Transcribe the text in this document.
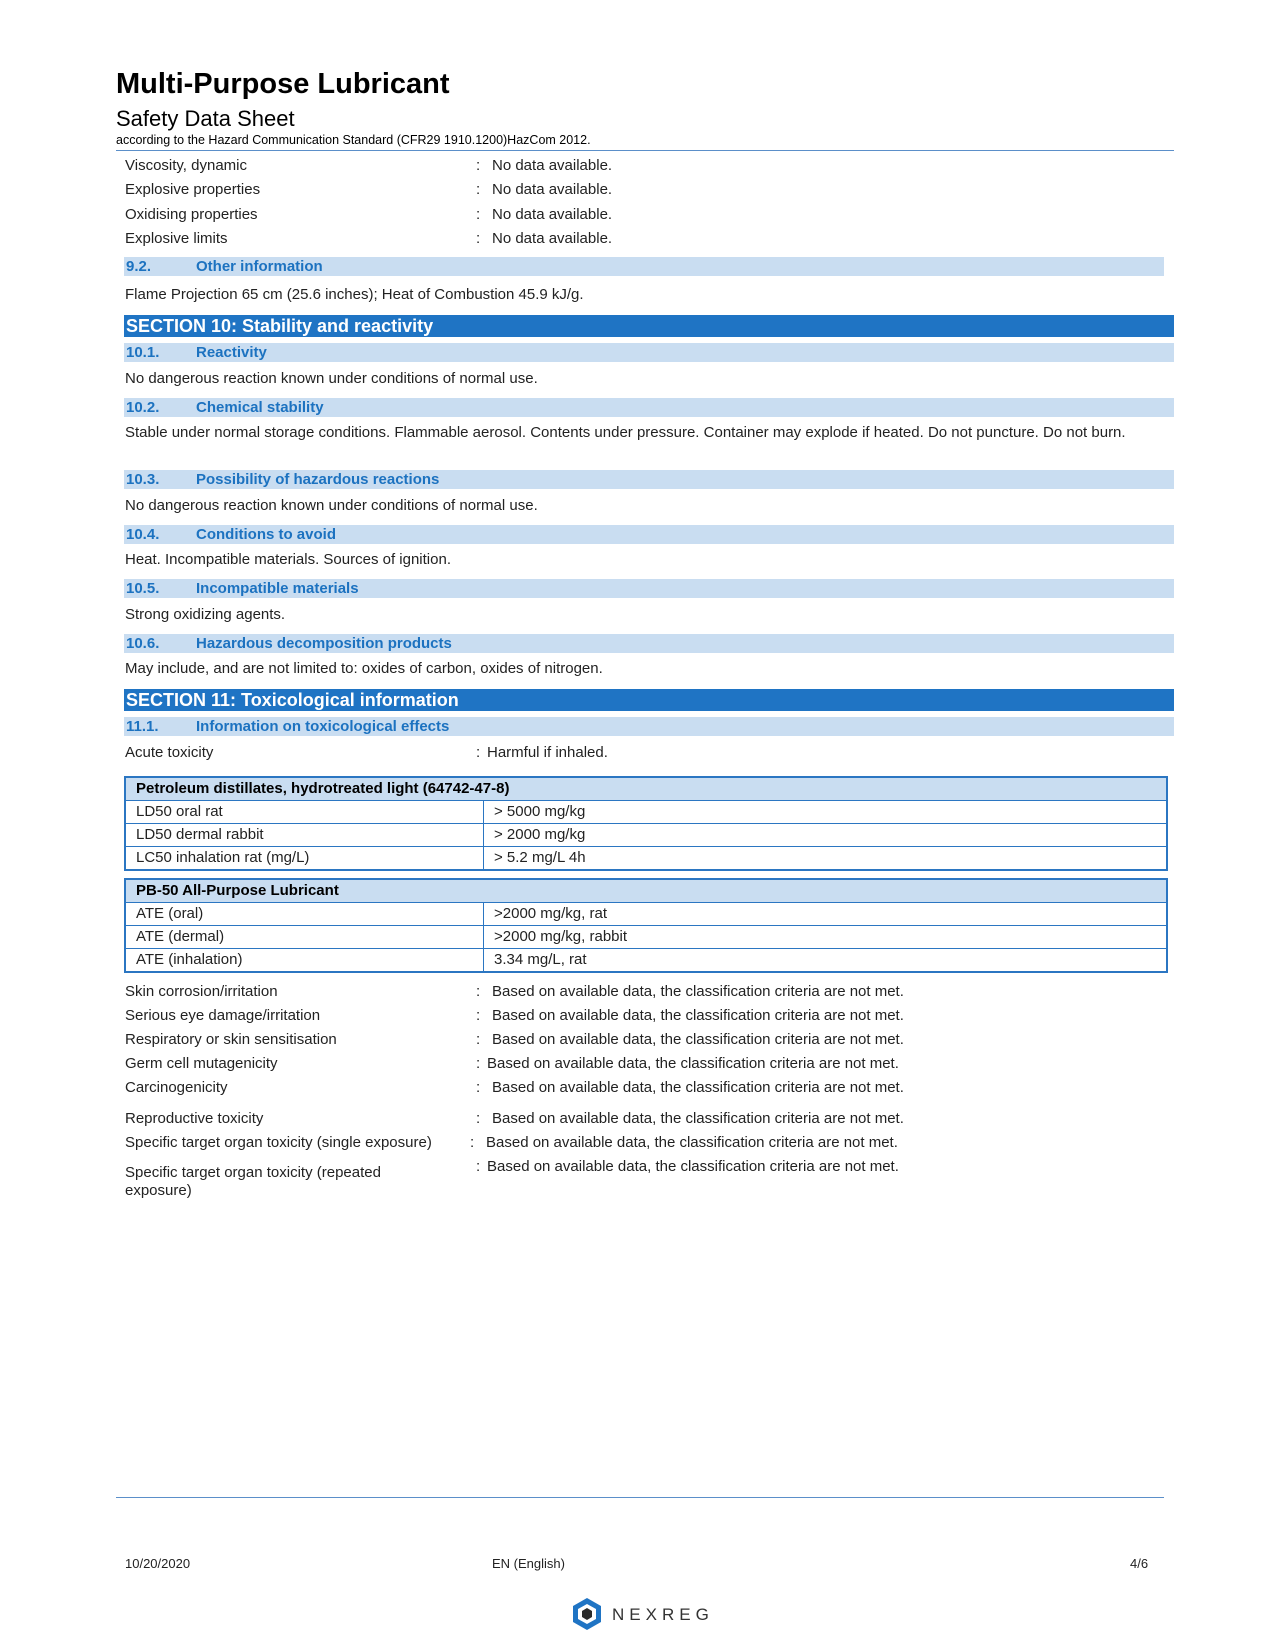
Multi-Purpose Lubricant
Safety Data Sheet
according to the Hazard Communication Standard (CFR29 1910.1200)HazCom 2012.
Viscosity, dynamic	: No data available.
Explosive properties	: No data available.
Oxidising properties	: No data available.
Explosive limits	: No data available.
9.2.	Other information
Flame Projection 65 cm (25.6 inches); Heat of Combustion 45.9 kJ/g.
SECTION 10: Stability and reactivity
10.1. Reactivity
No dangerous reaction known under conditions of normal use.
10.2. Chemical stability
Stable under normal storage conditions. Flammable aerosol. Contents under pressure. Container may explode if heated. Do not puncture. Do not burn.
10.3. Possibility of hazardous reactions
No dangerous reaction known under conditions of normal use.
10.4. Conditions to avoid
Heat. Incompatible materials. Sources of ignition.
10.5. Incompatible materials
Strong oxidizing agents.
10.6. Hazardous decomposition products
May include, and are not limited to: oxides of carbon, oxides of nitrogen.
SECTION 11: Toxicological information
11.1. Information on toxicological effects
Acute toxicity	: Harmful if inhaled.
Petroleum distillates, hydrotreated light (64742-47-8)
LD50 oral rat	> 5000 mg/kg
LD50 dermal rabbit	> 2000 mg/kg
LC50 inhalation rat (mg/L)	> 5.2 mg/L 4h
PB-50 All-Purpose Lubricant
ATE (oral)	>2000 mg/kg, rat
ATE (dermal)	>2000 mg/kg, rabbit
ATE (inhalation)	3.34 mg/L, rat
Skin corrosion/irritation	: Based on available data, the classification criteria are not met.
Serious eye damage/irritation	: Based on available data, the classification criteria are not met.
Respiratory or skin sensitisation	: Based on available data, the classification criteria are not met.
Germ cell mutagenicity	: Based on available data, the classification criteria are not met.
Carcinogenicity	: Based on available data, the classification criteria are not met.
Reproductive toxicity	: Based on available data, the classification criteria are not met.
Specific target organ toxicity (single exposure)	: Based on available data, the classification criteria are not met.
Specific target organ toxicity (repeated exposure)
: Based on available data, the classification criteria are not met.
10/20/2020	EN (English)	4/6
NEXREG
